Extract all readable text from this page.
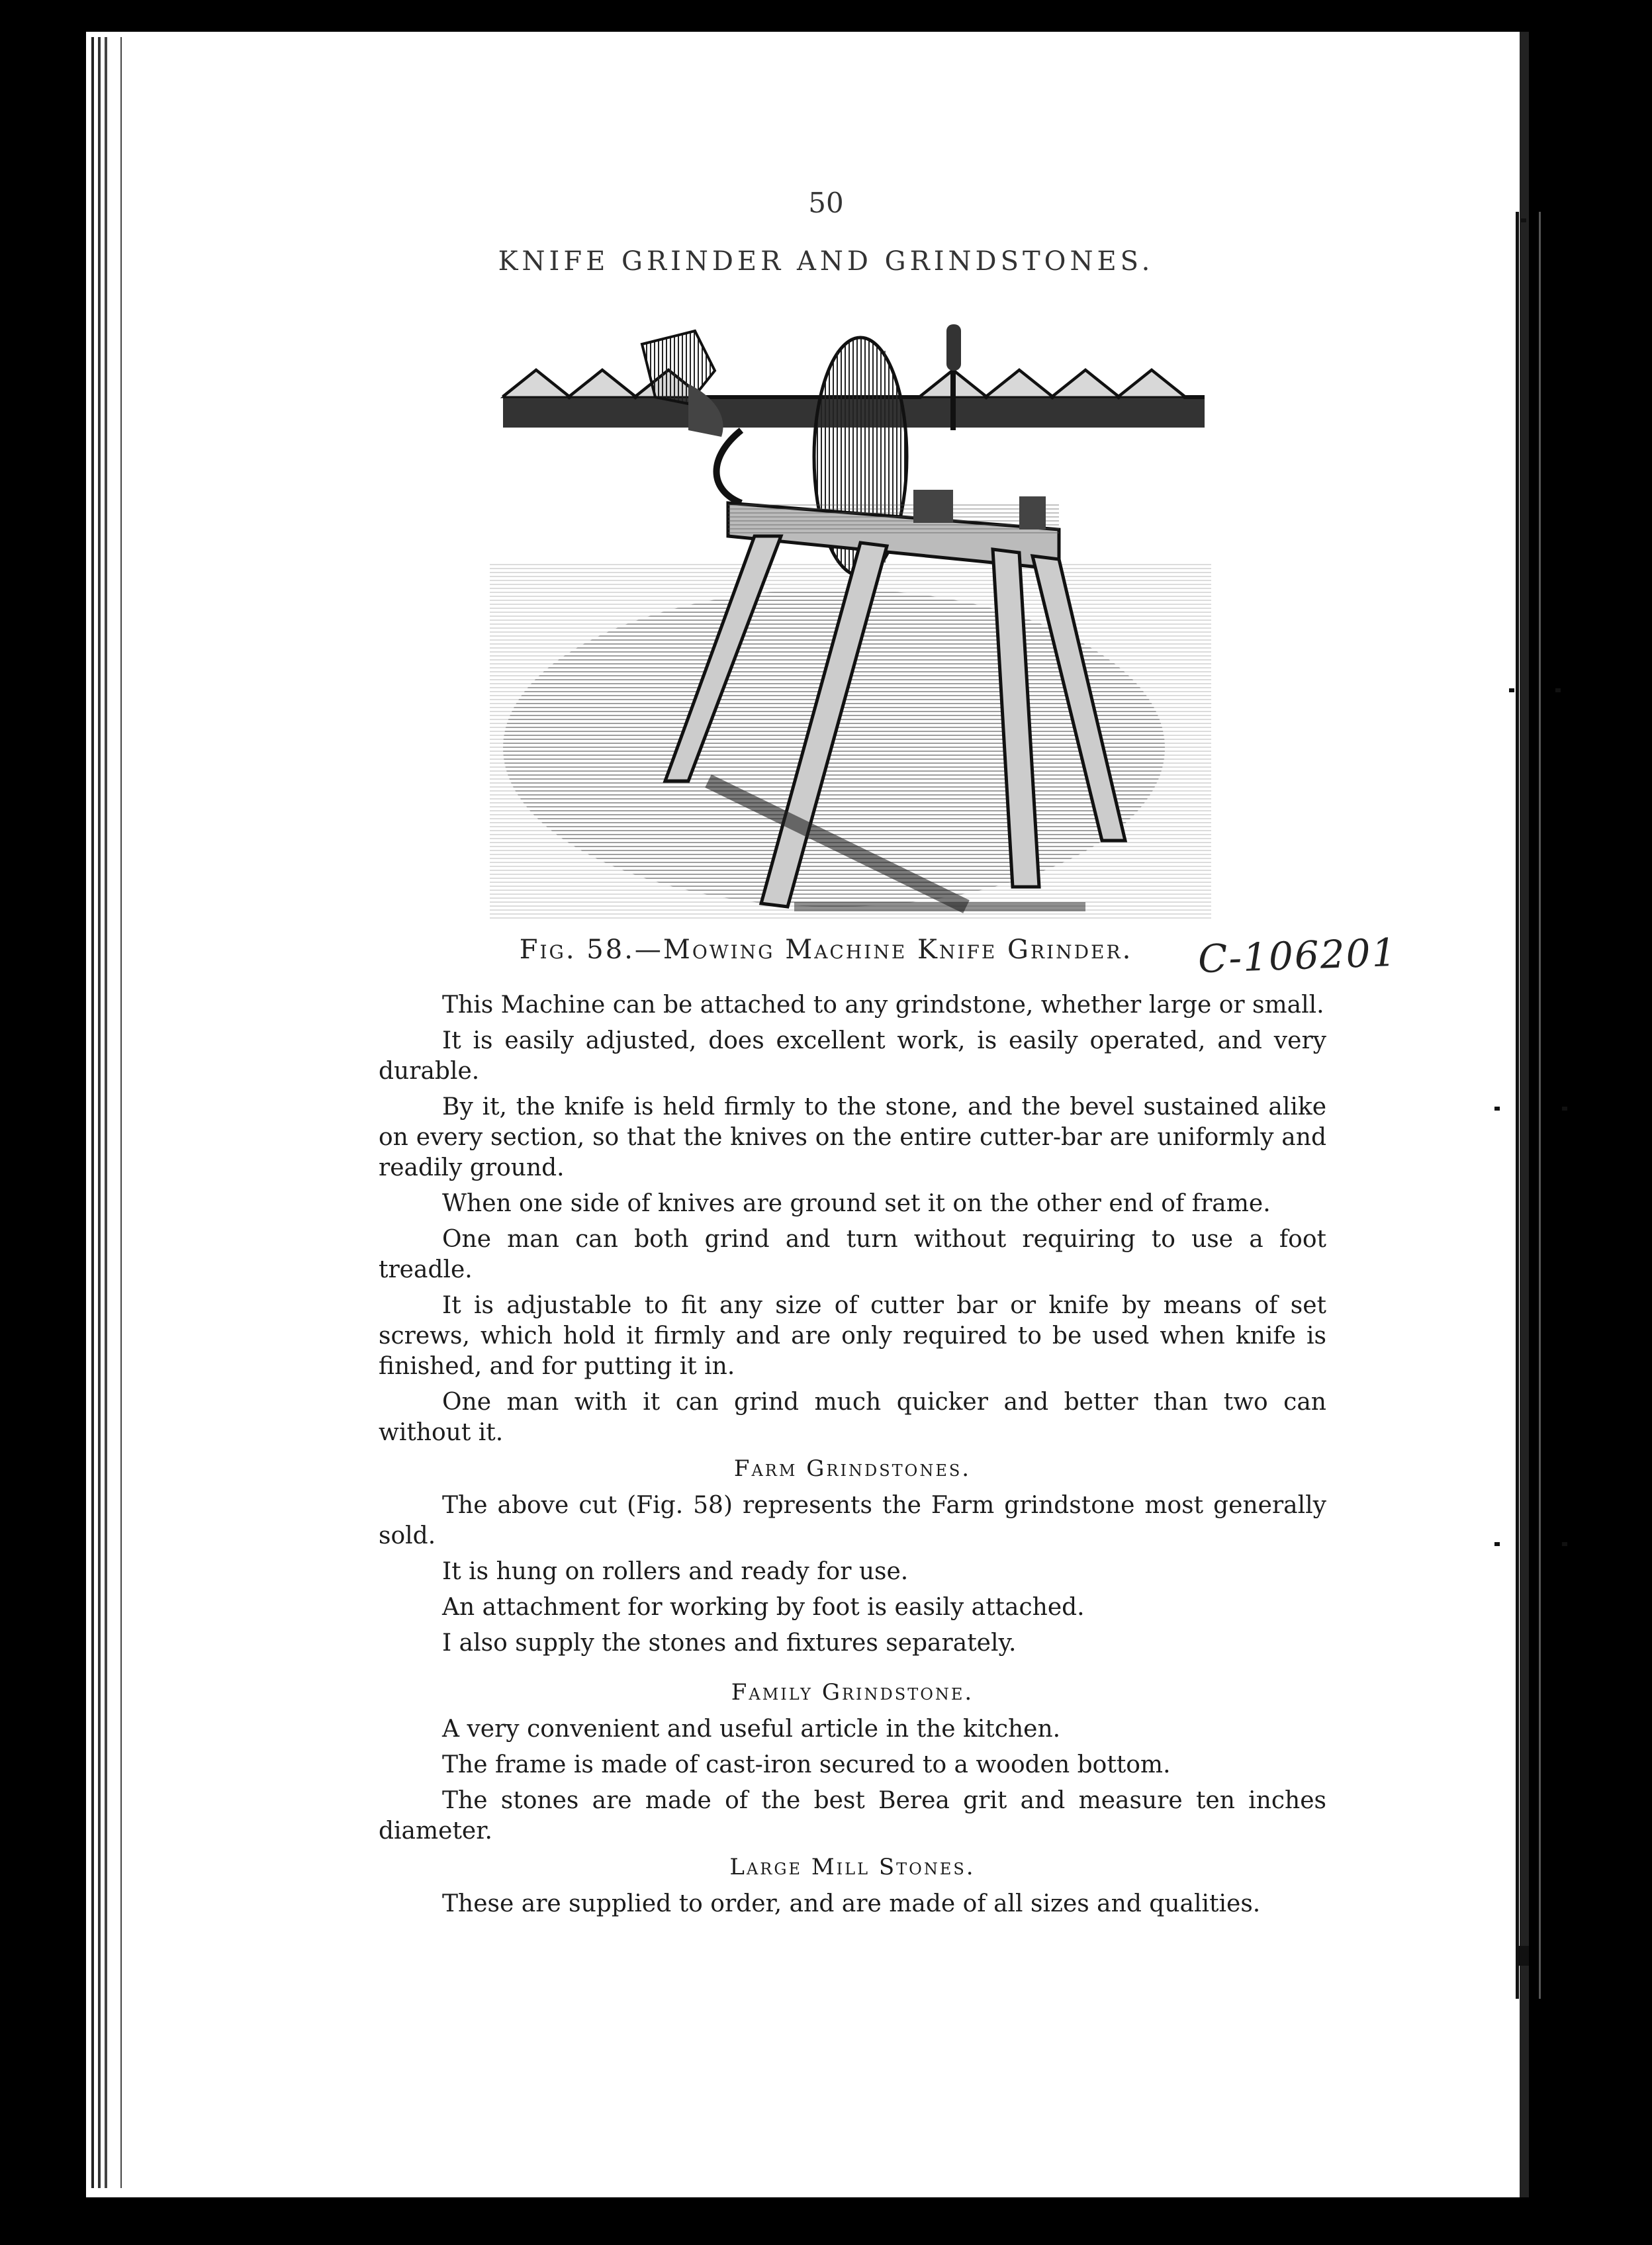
50
KNIFE GRINDER AND GRINDSTONES.
Fig. 58.—Mowing Machine Knife Grinder.	C-106201

This Machine can be attached to any grindstone, whether large or small.

It is easily adjusted, does excellent work, is easily operated, and very durable.

By it, the knife is held firmly to the stone, and the bevel sustained alike on every section, so that the knives on the entire cutter-bar are uniformly and readily ground.

When one side of knives are ground set it on the other end of frame.

One man can both grind and turn without requiring to use a foot treadle.

It is adjustable to fit any size of cutter bar or knife by means of set screws, which hold it firmly and are only required to be used when knife is finished, and for putting it in.

One man with it can grind much quicker and better than two can without it.

Farm Grindstones.

The above cut (Fig. 58) represents the Farm grindstone most generally sold.

It is hung on rollers and ready for use.

An attachment for working by foot is easily attached.

I also supply the stones and fixtures separately.

Family Grindstone.

A very convenient and useful article in the kitchen.

The frame is made of cast-iron secured to a wooden bottom.

The stones are made of the best Berea grit and measure ten inches diameter.

Large Mill Stones.

These are supplied to order, and are made of all sizes and qualities.
